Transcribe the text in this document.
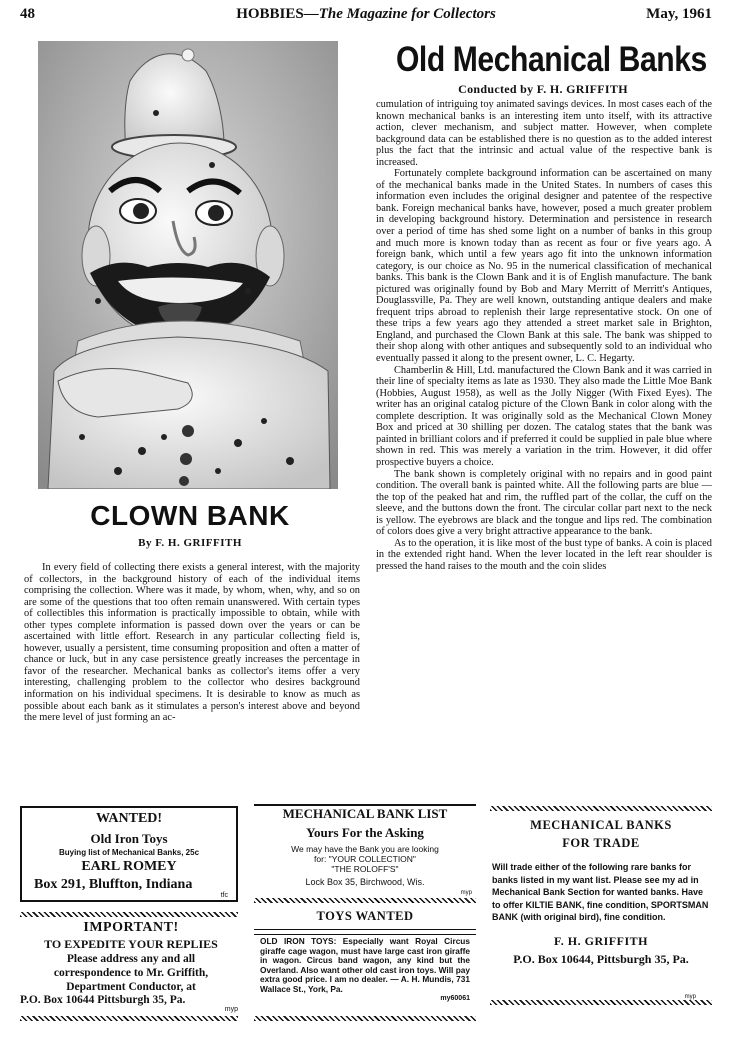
48	HOBBIES—The Magazine for Collectors	May, 1961
CLOWN BANK
By F. H. GRIFFITH

In every field of collecting there exists a general interest, with the majority of collectors, in the background history of each of the individual items comprising the collection. Where was it made, by whom, when, why, and so on are some of the questions that too often remain unanswered. With certain types of collectibles this information is practically impossible to obtain, while with other types complete information is passed down over the years or can be ascertained with little effort. Research in any particular collecting field is, however, usually a persistent, time consuming proposition and often a matter of chance or luck, but in any case persistence greatly increases the percentage in favor of the researcher. Mechanical banks as collector's items offer a very interesting, challenging problem to the collector who desires background information on his individual specimens. It is desirable to know as much as possible about each bank as it stimulates a person's interest above and beyond the mere level of just forming an ac-

Old Mechanical Banks
Conducted by F. H. GRIFFITH

cumulation of intriguing toy animated savings devices. In most cases each of the known mechanical banks is an interesting item unto itself, with its attractive action, clever mechanism, and subject matter. However, when complete background data can be established there is no question as to the added interest plus the fact that the intrinsic and actual value of the respective bank is increased.

Fortunately complete background information can be ascertained on many of the mechanical banks made in the United States. In numbers of cases this information even includes the original designer and patentee of the respective bank. Foreign mechanical banks have, however, posed a much greater problem in developing background history. Determination and persistence in research over a period of time has shed some light on a number of banks in this group and much more is known today than as recent as four or five years ago. A foreign bank, which until a few years ago fit into the unknown information category, is our choice as No. 95 in the numerical classification of mechanical banks. This bank is the Clown Bank and it is of English manufacture. The bank pictured was originally found by Bob and Mary Merritt of Merritt's Antiques, Douglassville, Pa. They are well known, outstanding antique dealers and make frequent trips abroad to replenish their large representative stock. On one of these trips a few years ago they attended a street market sale in Brighton, England, and purchased the Clown Bank at this sale. The bank was shipped to their shop along with other antiques and subsequently sold to an individual who eventually passed it along to the present owner, L. C. Hegarty.

Chamberlin & Hill, Ltd. manufactured the Clown Bank and it was carried in their line of specialty items as late as 1930. They also made the Little Moe Bank (Hobbies, August 1958), as well as the Jolly Nigger (With Fixed Eyes). The writer has an original catalog picture of the Clown Bank in color along with the complete description. It was originally sold as the Mechanical Clown Money Box and priced at 30 shilling per dozen. The catalog states that the bank was painted in brilliant colors and if preferred it could be supplied in pale blue where shown in red. This was merely a variation in the trim. However, it did offer prospective buyers a choice.

The bank shown is completely original with no repairs and in good paint condition. The overall bank is painted white. All the following parts are blue — the top of the peaked hat and rim, the ruffled part of the collar, the cuff on the sleeve, and the buttons down the front. The circular collar part next to the neck is yellow. The eyebrows are black and the tongue and lips red. The combination of colors does give a very bright attractive appearance to the bank.

As to the operation, it is like most of the bust type of banks. A coin is placed in the extended right hand. When the lever located in the left rear shoulder is pressed the hand raises to the mouth and the coin slides

WANTED!
Old Iron Toys
Buying list of Mechanical Banks, 25c
EARL ROMEY
Box 291, Bluffton, Indiana
tfc
IMPORTANT!
TO EXPEDITE YOUR REPLIES
Please address any and all
correspondence to Mr. Griffith,
Department Conductor, at
P.O. Box 10644 Pittsburgh 35, Pa.
myp
MECHANICAL BANK LIST
Yours For the Asking
We may have the Bank you are looking
for: "YOUR COLLECTION"
"THE ROLOFF'S"
Lock Box 35, Birchwood, Wis.
myp
TOYS WANTED
OLD IRON TOYS: Especially want Royal Circus giraffe cage wagon, must have large cast iron giraffe in wagon. Circus band wagon, any kind but the Overland. Also want other old cast iron toys. Will pay extra good price. I am no dealer. — A. H. Mundis, 731 Wallace St., York, Pa.
my60061
MECHANICAL BANKS
FOR TRADE
Will trade either of the following rare banks for banks listed in my want list. Please see my ad in Mechanical Bank Section for wanted banks. Have to offer KILTIE BANK, fine condition, SPORTSMAN BANK (with original bird), fine condition.
F. H. GRIFFITH
P.O. Box 10644, Pittsburgh 35, Pa.
myp
